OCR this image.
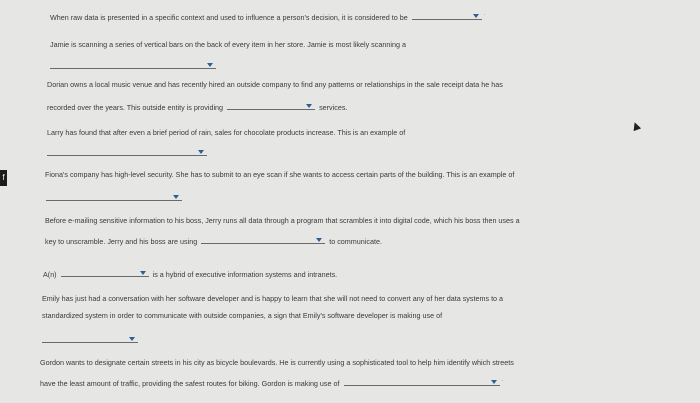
f
When raw data is presented in a specific context and used to influence a person's decision, it is considered to be	.
Jamie is scanning a series of vertical bars on the back of every item in her store. Jamie is most likely scanning a
Dorian owns a local music venue and has recently hired an outside company to find any patterns or relationships in the sale receipt data he has
recorded over the years. This outside entity is providing	services.
Larry has found that after even a brief period of rain, sales for chocolate products increase. This is an example of
Fiona's company has high-level security. She has to submit to an eye scan if she wants to access certain parts of the building. This is an example of
Before e-mailing sensitive information to his boss, Jerry runs all data through a program that scrambles it into digital code, which his boss then uses a
key to unscramble. Jerry and his boss are using	to communicate.
A(n)	is a hybrid of executive information systems and intranets.
Emily has just had a conversation with her software developer and is happy to learn that she will not need to convert any of her data systems to a
standardized system in order to communicate with outside companies, a sign that Emily's software developer is making use of
Gordon wants to designate certain streets in his city as bicycle boulevards. He is currently using a sophisticated tool to help him identify which streets
have the least amount of traffic, providing the safest routes for biking. Gordon is making use of	.
